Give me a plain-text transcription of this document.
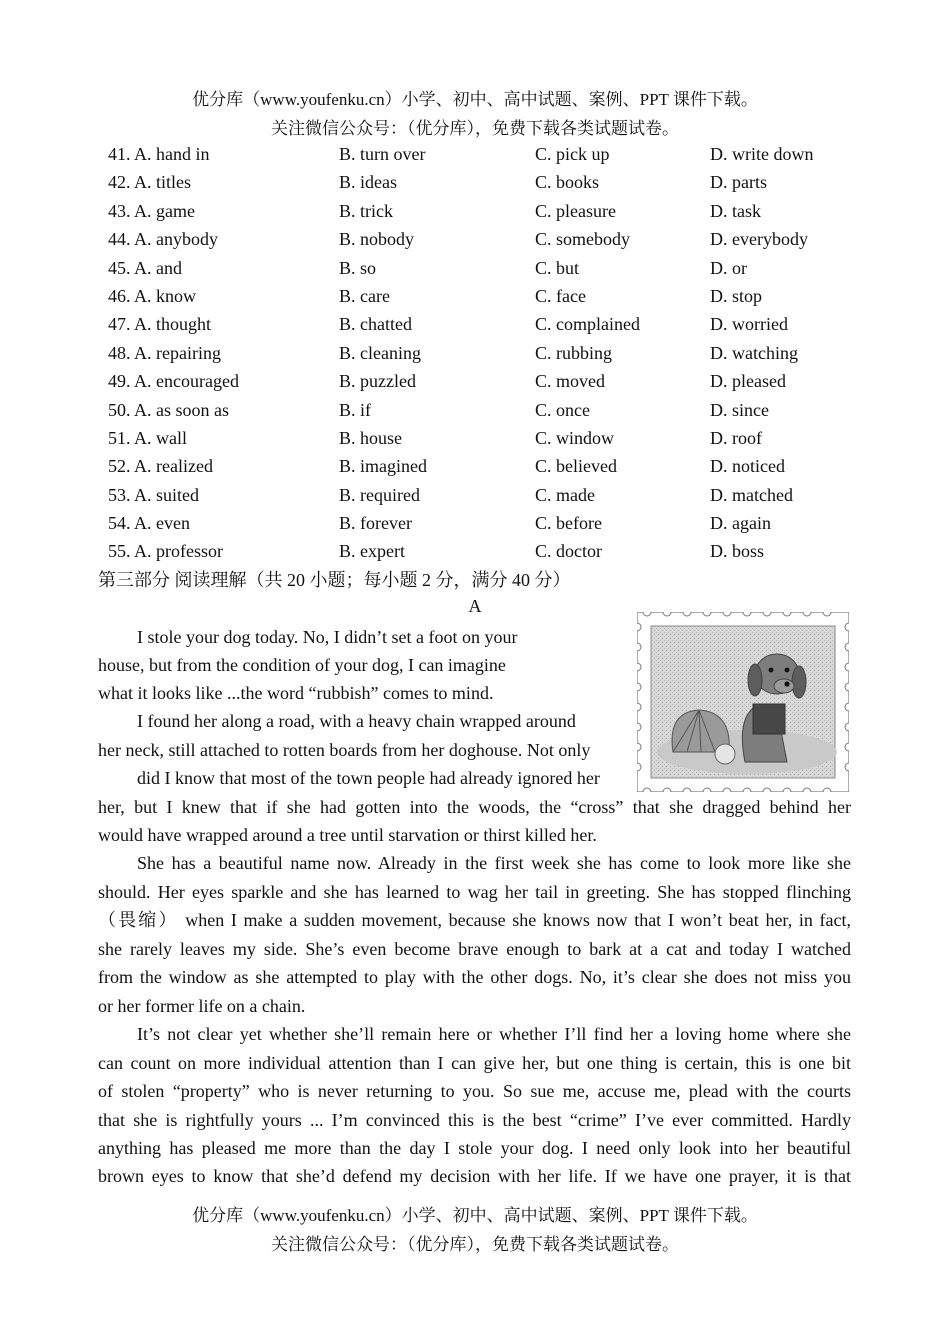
优分库（www.youfenku.cn）小学、初中、高中试题、案例、PPT 课件下载。
关注微信公众号：（优分库），免费下载各类试题试卷。
41. A. hand in	B. turn over	C. pick up	D. write down
42. A. titles	B. ideas	C. books	D. parts
43. A. game	B. trick	C. pleasure	D. task
44. A. anybody	B. nobody	C. somebody	D. everybody
45. A. and	B. so	C. but	D. or
46. A. know	B. care	C. face	D. stop
47. A. thought	B. chatted	C. complained	D. worried
48. A. repairing	B. cleaning	C. rubbing	D. watching
49. A. encouraged	B. puzzled	C. moved	D. pleased
50. A. as soon as	B. if	C. once	D. since
51. A. wall	B. house	C. window	D. roof
52. A. realized	B. imagined	C. believed	D. noticed
53. A. suited	B. required	C. made	D. matched
54. A. even	B. forever	C. before	D. again
55. A. professor	B. expert	C. doctor	D. boss
第三部分 阅读理解（共 20 小题；每小题 2 分，满分 40 分）
A
I stole your dog today. No, I didn’t set a foot on your
house, but from the condition of your dog, I can imagine
what it looks like ...the word “rubbish” comes to mind.
I found her along a road, with a heavy chain wrapped around
her neck, still attached to rotten boards from her doghouse. Not only
did I know that most of the town people had already ignored her
her, but I knew that if she had gotten into the woods, the “cross” that she dragged behind her
would have wrapped around a tree until starvation or thirst killed her.
She has a beautiful name now. Already in the first week she has come to look more like she
should. Her eyes sparkle and she has learned to wag her tail in greeting. She has stopped flinching
（畏缩） when I make a sudden movement, because she knows now that I won’t beat her, in fact,
she rarely leaves my side. She’s even become brave enough to bark at a cat and today I watched
from the window as she attempted to play with the other dogs. No, it’s clear she does not miss you
or her former life on a chain.
It’s not clear yet whether she’ll remain here or whether I’ll find her a loving home where she
can count on more individual attention than I can give her, but one thing is certain, this is one bit
of stolen “property” who is never returning to you. So sue me, accuse me, plead with the courts
that she is rightfully yours ... I’m convinced this is the best “crime” I’ve ever committed. Hardly
anything has pleased me more than the day I stole your dog. I need only look into her beautiful
brown eyes to know that she’d defend my decision with her life. If we have one prayer, it is that
优分库（www.youfenku.cn）小学、初中、高中试题、案例、PPT 课件下载。
关注微信公众号：（优分库），免费下载各类试题试卷。
